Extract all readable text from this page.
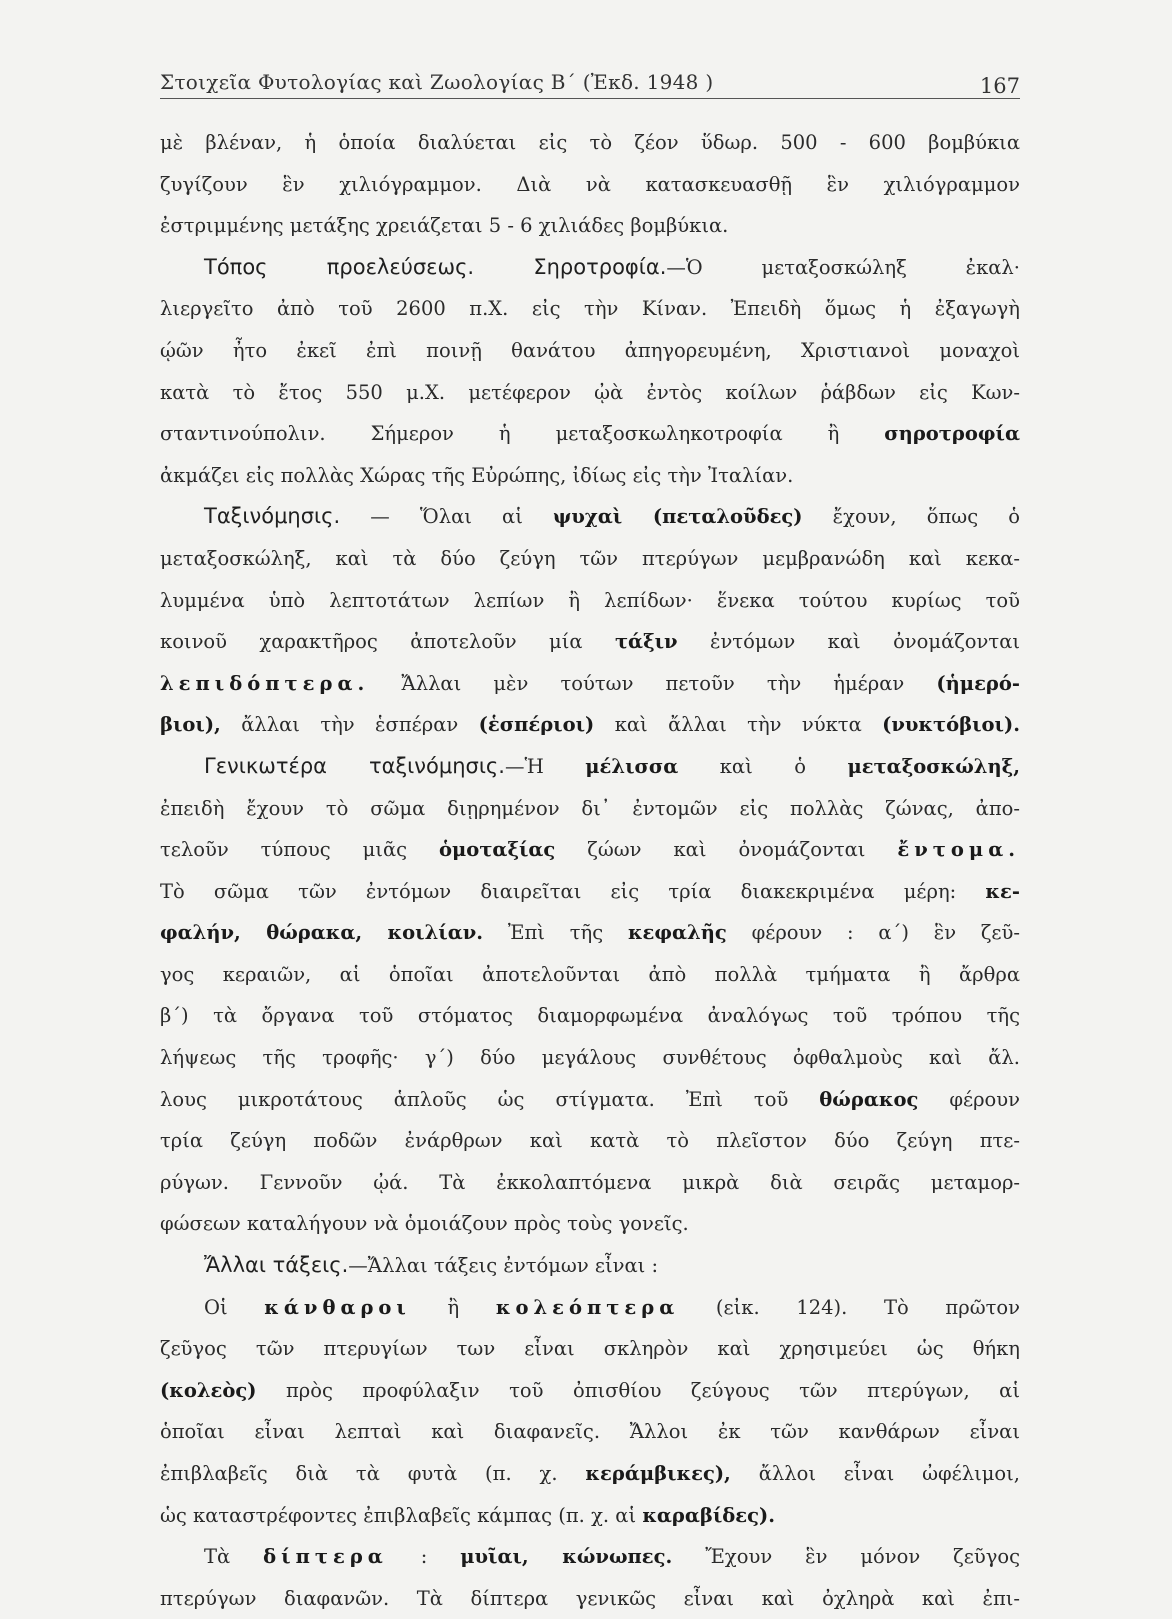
Στοιχεῖα Φυτολογίας καὶ Ζωολογίας Β΄ (Ἐκδ. 1948 )	167
μὲ βλέναν, ἡ ὁποία διαλύεται εἰς τὸ ζέον ὕδωρ. 500 - 600 βομβύκια
ζυγίζουν ἓν χιλιόγραμμον. Διὰ νὰ κατασκευασθῇ ἓν χιλιόγραμμον
ἐστριμμένης μετάξης χρειάζεται 5 - 6 χιλιάδες βομβύκια.
Τόπος προελεύσεως. Σηροτροφία.—Ὁ μεταξοσκώληξ ἐκαλ·
λιεργεῖτο ἀπὸ τοῦ 2600 π.Χ. εἰς τὴν Κίναν. Ἐπειδὴ ὅμως ἡ ἐξαγωγὴ
ῴῶν ἦτο ἐκεῖ ἐπὶ ποινῇ θανάτου ἀπηγορευμένη, Χριστιανοὶ μοναχοὶ
κατὰ τὸ ἔτος 550 μ.Χ. μετέφερον ᾠὰ ἐντὸς κοίλων ῥάβδων εἰς Κων-
σταντινούπολιν. Σήμερον ἡ μεταξοσκωληκοτροφία ἢ σηροτροφία
ἀκμάζει εἰς πολλὰς Χώρας τῆς Εὐρώπης, ἰδίως εἰς τὴν Ἰταλίαν.
Ταξινόμησις. — Ὅλαι αἱ ψυχαὶ (πεταλοῦδες) ἔχουν, ὅπως ὁ
μεταξοσκώληξ, καὶ τὰ δύο ζεύγη τῶν πτερύγων μεμβρανώδη καὶ κεκα-
λυμμένα ὑπὸ λεπτοτάτων λεπίων ἢ λεπίδων· ἕνεκα τούτου κυρίως τοῦ
κοινοῦ χαρακτῆρος ἀποτελοῦν μία τάξιν ἐντόμων καὶ ὀνομάζονται
λεπιδόπτερα. Ἄλλαι μὲν τούτων πετοῦν τὴν ἡμέραν (ἡμερό-
βιοι), ἄλλαι τὴν ἑσπέραν (ἑσπέριοι) καὶ ἄλλαι τὴν νύκτα (νυκτόβιοι).
Γενικωτέρα ταξινόμησις.—Ἡ μέλισσα καὶ ὁ μεταξοσκώληξ,
ἐπειδὴ ἔχουν τὸ σῶμα διῃρημένον δι᾽ ἐντομῶν εἰς πολλὰς ζώνας, ἀπο-
τελοῦν τύπους μιᾶς ὁμοταξίας ζώων καὶ ὀνομάζονται ἔντομα.
Τὸ σῶμα τῶν ἐντόμων διαιρεῖται εἰς τρία διακεκριμένα μέρη: κε-
φαλήν, θώρακα, κοιλίαν. Ἐπὶ τῆς κεφαλῆς φέρουν : α΄) ἓν ζεῦ-
γος κεραιῶν, αἱ ὁποῖαι ἀποτελοῦνται ἀπὸ πολλὰ τμήματα ἢ ἄρθρα
β΄) τὰ ὄργανα τοῦ στόματος διαμορφωμένα ἀναλόγως τοῦ τρόπου τῆς
λήψεως τῆς τροφῆς· γ΄) δύο μεγάλους συνθέτους ὀφθαλμοὺς καὶ ἄλ.
λους μικροτάτους ἁπλοῦς ὡς στίγματα. Ἐπὶ τοῦ θώρακος φέρουν
τρία ζεύγη ποδῶν ἐνάρθρων καὶ κατὰ τὸ πλεῖστον δύο ζεύγη πτε-
ρύγων. Γεννοῦν ᾠά. Τὰ ἐκκολαπτόμενα μικρὰ διὰ σειρᾶς μεταμορ-
φώσεων καταλήγουν νὰ ὁμοιάζουν πρὸς τοὺς γονεῖς.
Ἄλλαι τάξεις.—Ἄλλαι τάξεις ἐντόμων εἶναι :
Οἱ κάνθαροι ἢ κολεόπτερα (εἰκ. 124). Τὸ πρῶτον
ζεῦγος τῶν πτερυγίων των εἶναι σκληρὸν καὶ χρησιμεύει ὡς θήκη
(κολεὸς) πρὸς προφύλαξιν τοῦ ὀπισθίου ζεύγους τῶν πτερύγων, αἱ
ὁποῖαι εἶναι λεπταὶ καὶ διαφανεῖς. Ἄλλοι ἐκ τῶν κανθάρων εἶναι
ἐπιβλαβεῖς διὰ τὰ φυτὰ (π. χ. κεράμβικες), ἄλλοι εἶναι ὠφέλιμοι,
ὡς καταστρέφοντες ἐπιβλαβεῖς κάμπας (π. χ. αἱ καραβίδες).
Τὰ δίπτερα : μυῖαι, κώνωπες. Ἔχουν ἓν μόνον ζεῦγος
πτερύγων διαφανῶν. Τὰ δίπτερα γενικῶς εἶναι καὶ ὀχληρὰ καὶ ἐπι-
